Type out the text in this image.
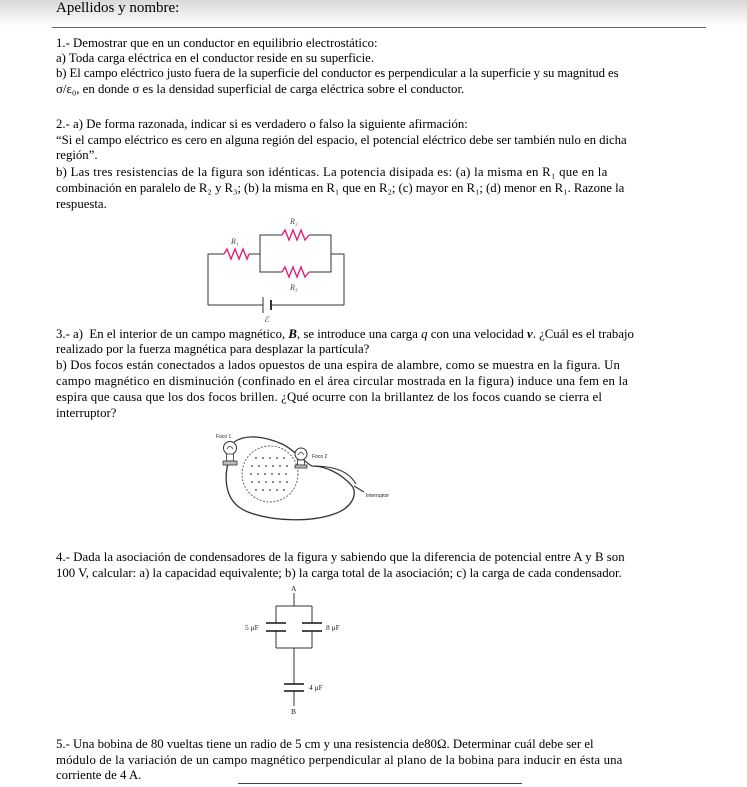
Apellidos y nombre:
1.- Demostrar que en un conductor en equilibrio electrostático:
a) Toda carga eléctrica en el conductor reside en su superficie.
b) El campo eléctrico justo fuera de la superficie del conductor es perpendicular a la superficie y su magnitud es
σ/ε₀, en donde σ es la densidad superficial de carga eléctrica sobre el conductor.
2.- a) De forma razonada, indicar si es verdadero o falso la siguiente afirmación:
“Si el campo eléctrico es cero en alguna región del espacio, el potencial eléctrico debe ser también nulo en dicha
región”.
b) Las tres resistencias de la figura son idénticas. La potencia disipada es: (a) la misma en R₁ que en la
combinación en paralelo de R₂ y R₃; (b) la misma en R₁ que en R₂; (c) mayor en R₁; (d) menor en R₁. Razone la
respuesta.
R₁
R₂
R₃
ℰ
3.- a)  En el interior de un campo magnético, B, se introduce una carga q con una velocidad v. ¿Cuál es el trabajo
realizado por la fuerza magnética para desplazar la partícula?
b) Dos focos están conectados a lados opuestos de una espira de alambre, como se muestra en la figura. Un
campo magnético en disminución (confinado en el área circular mostrada en la figura) induce una fem en la
espira que causa que los dos focos brillen. ¿Qué ocurre con la brillantez de los focos cuando se cierra el
interruptor?
Foco 1
Foco 2
Interruptor
4.- Dada la asociación de condensadores de la figura y sabiendo que la diferencia de potencial entre A y B son
100 V, calcular: a) la capacidad equivalente; b) la carga total de la asociación; c) la carga de cada condensador.
A
B
5 μF	8 μF
4 μF
5.- Una bobina de 80 vueltas tiene un radio de 5 cm y una resistencia de80Ω. Determinar cuál debe ser el
módulo de la variación de un campo magnético perpendicular al plano de la bobina para inducir en ésta una
corriente de 4 A.
